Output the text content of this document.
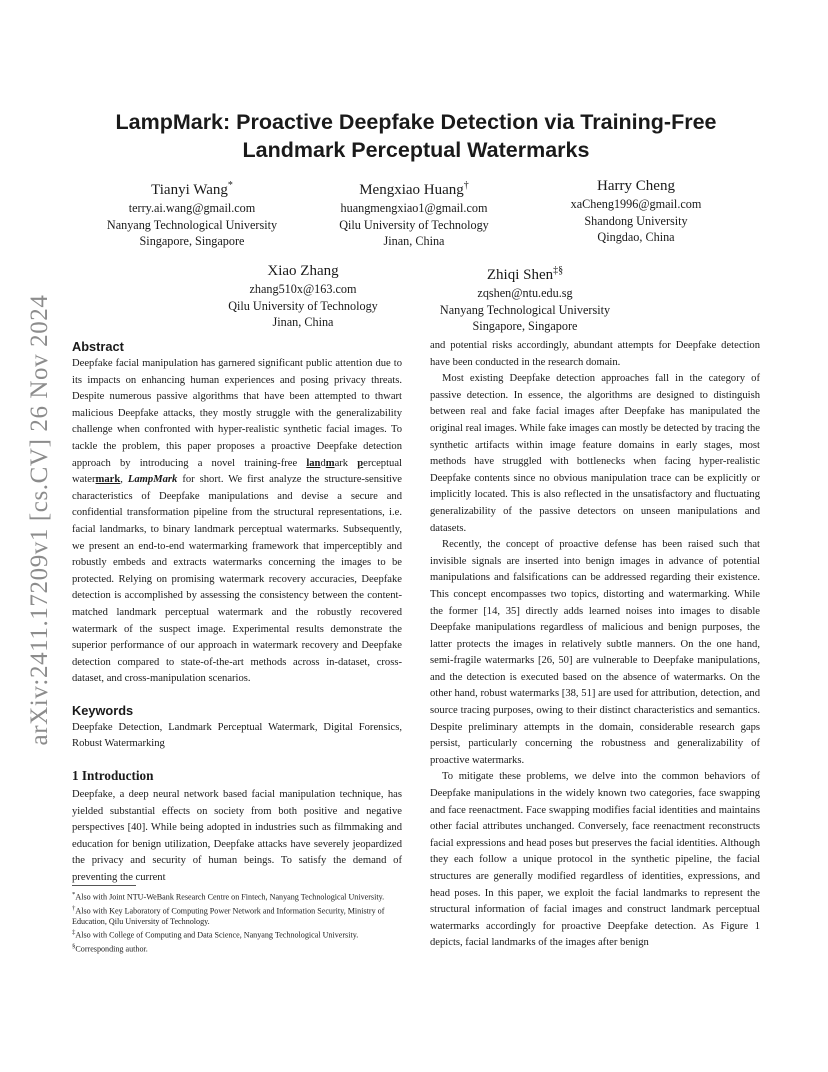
arXiv:2411.17209v1 [cs.CV] 26 Nov 2024
LampMark: Proactive Deepfake Detection via Training-Free
Landmark Perceptual Watermarks
Tianyi Wang*
terry.ai.wang@gmail.com
Nanyang Technological University
Singapore, Singapore
Mengxiao Huang†
huangmengxiao1@gmail.com
Qilu University of Technology
Jinan, China
Harry Cheng
xaCheng1996@gmail.com
Shandong University
Qingdao, China
Xiao Zhang
zhang510x@163.com
Qilu University of Technology
Jinan, China
Zhiqi Shen‡§
zqshen@ntu.edu.sg
Nanyang Technological University
Singapore, Singapore
Abstract

Deepfake facial manipulation has garnered significant public attention due to its impacts on enhancing human experiences and posing privacy threats. Despite numerous passive algorithms that have been attempted to thwart malicious Deepfake attacks, they mostly struggle with the generalizability challenge when confronted with hyper-realistic synthetic facial images. To tackle the problem, this paper proposes a proactive Deepfake detection approach by introducing a novel training-free landmark perceptual watermark, LampMark for short. We first analyze the structure-sensitive characteristics of Deepfake manipulations and devise a secure and confidential transformation pipeline from the structural representations, i.e. facial landmarks, to binary landmark perceptual watermarks. Subsequently, we present an end-to-end watermarking framework that imperceptibly and robustly embeds and extracts watermarks concerning the images to be protected. Relying on promising watermark recovery accuracies, Deepfake detection is accomplished by assessing the consistency between the content-matched landmark perceptual watermark and the robustly recovered watermark of the suspect image. Experimental results demonstrate the superior performance of our approach in watermark recovery and Deepfake detection compared to state-of-the-art methods across in-dataset, cross-dataset, and cross-manipulation scenarios.

Keywords

Deepfake Detection, Landmark Perceptual Watermark, Digital Forensics, Robust Watermarking

1 Introduction

Deepfake, a deep neural network based facial manipulation technique, has yielded substantial effects on society from both positive and negative perspectives [40]. While being adopted in industries such as filmmaking and education for benign utilization, Deepfake attacks have severely jeopardized the privacy and security of human beings. To satisfy the demand of preventing the current

and potential risks accordingly, abundant attempts for Deepfake detection have been conducted in the research domain.

Most existing Deepfake detection approaches fall in the category of passive detection. In essence, the algorithms are designed to distinguish between real and fake facial images after Deepfake has manipulated the original real images. While fake images can mostly be detected by tracing the synthetic artifacts within image feature domains in early stages, most methods have struggled with bottlenecks when facing hyper-realistic Deepfake contents since no obvious manipulation trace can be explicitly or implicitly located. This is also reflected in the unsatisfactory and fluctuating generalizability of the passive detectors on unseen manipulations and datasets.

Recently, the concept of proactive defense has been raised such that invisible signals are inserted into benign images in advance of potential manipulations and falsifications can be addressed regarding their existence. This concept encompasses two topics, distorting and watermarking. While the former [14, 35] directly adds learned noises into images to disable Deepfake manipulations regardless of malicious and benign purposes, the latter protects the images in relatively subtle manners. On the one hand, semi-fragile watermarks [26, 50] are vulnerable to Deepfake manipulations, and the detection is executed based on the absence of watermarks. On the other hand, robust watermarks [38, 51] are used for attribution, detection, and source tracing purposes, owing to their distinct characteristics and semantics. Despite preliminary attempts in the domain, considerable research gaps persist, particularly concerning the robustness and generalizability of proactive watermarks.

To mitigate these problems, we delve into the common behaviors of Deepfake manipulations in the widely known two categories, face swapping and face reenactment. Face swapping modifies facial identities and maintains other facial attributes unchanged. Conversely, face reenactment reconstructs facial expressions and head poses but preserves the facial identities. Although they each follow a unique protocol in the synthetic pipeline, the facial structures are generally modified regardless of identities, expressions, and head poses. In this paper, we exploit the facial landmarks to represent the structural information of facial images and construct landmark perceptual watermarks accordingly for proactive Deepfake detection. As Figure 1 depicts, facial landmarks of the images after benign

*Also with Joint NTU-WeBank Research Centre on Fintech, Nanyang Technological University.

†Also with Key Laboratory of Computing Power Network and Information Security, Ministry of Education, Qilu University of Technology.

‡Also with College of Computing and Data Science, Nanyang Technological University.

§Corresponding author.
